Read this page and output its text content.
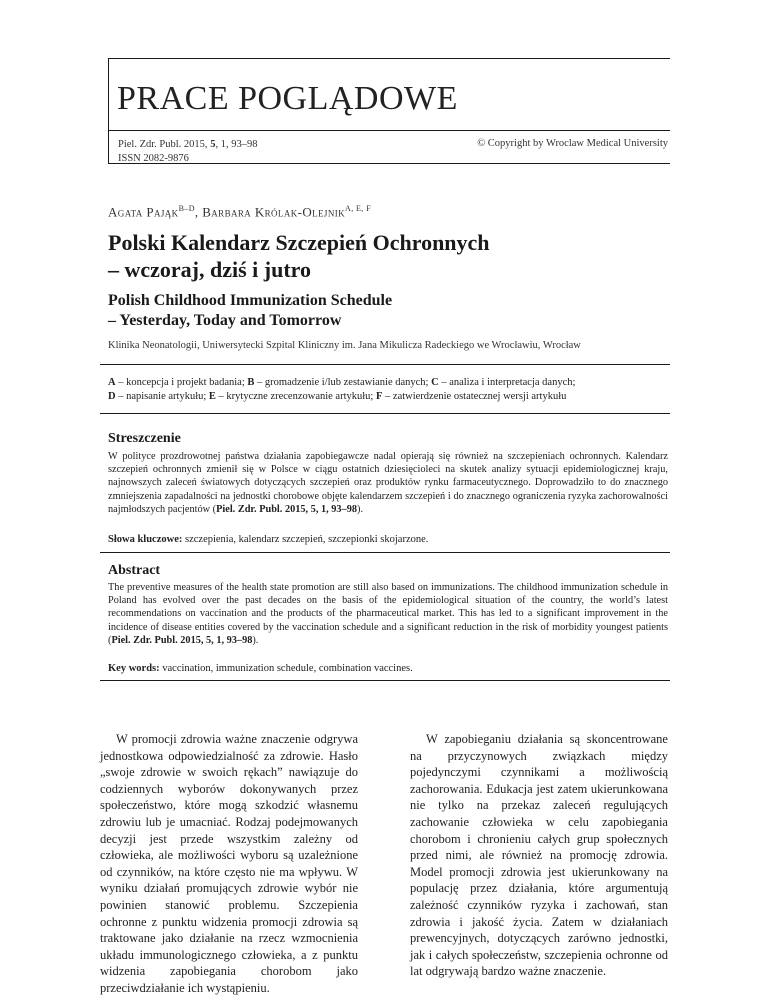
PRACE POGLĄDOWE
Piel. Zdr. Publ. 2015, 5, 1, 93–98
ISSN 2082-9876
© Copyright by Wroclaw Medical University
Agata Pająk$^{B-D}$, Barbara Królak-Olejnik$^{A, E, F}$
Polski Kalendarz Szczepień Ochronnych
– wczoraj, dziś i jutro
Polish Childhood Immunization Schedule
– Yesterday, Today and Tomorrow
Klinika Neonatologii, Uniwersytecki Szpital Kliniczny im. Jana Mikulicza Radeckiego we Wrocławiu, Wrocław
A – koncepcja i projekt badania; B – gromadzenie i/lub zestawianie danych; C – analiza i interpretacja danych;
D – napisanie artykułu; E – krytyczne zrecenzowanie artykułu; F – zatwierdzenie ostatecznej wersji artykułu
Streszczenie
W polityce prozdrowotnej państwa działania zapobiegawcze nadal opierają się również na szczepieniach ochronnych. Kalendarz szczepień ochronnych zmienił się w Polsce w ciągu ostatnich dziesięcioleci na skutek analizy sytuacji epidemiologicznej kraju, najnowszych zaleceń światowych dotyczących szczepień oraz produktów rynku farmaceutycznego. Doprowadziło to do znacznego zmniejszenia zapadalności na jednostki chorobowe objęte kalendarzem szczepień i do znacznego ograniczenia ryzyka zachorowalności najmłodszych pacjentów (Piel. Zdr. Publ. 2015, 5, 1, 93–98).
Słowa kluczowe: szczepienia, kalendarz szczepień, szczepionki skojarzone.
Abstract
The preventive measures of the health state promotion are still also based on immunizations. The childhood immunization schedule in Poland has evolved over the past decades on the basis of the epidemiological situation of the country, the world’s latest recommendations on vaccination and the products of the pharmaceutical market. This has led to a significant improvement in the incidence of disease entities covered by the vaccination schedule and a significant reduction in the risk of morbidity youngest patients (Piel. Zdr. Publ. 2015, 5, 1, 93–98).
Key words: vaccination, immunization schedule, combination vaccines.
W promocji zdrowia ważne znaczenie odgrywa jednostkowa odpowiedzialność za zdrowie. Hasło „swoje zdrowie w swoich rękach” nawiązuje do codziennych wyborów dokonywanych przez społeczeństwo, które mogą szkodzić własnemu zdrowiu lub je umacniać. Rodzaj podejmowanych decyzji jest przede wszystkim zależny od człowieka, ale możliwości wyboru są uzależnione od czynników, na które często nie ma wpływu. W wyniku działań promujących zdrowie wybór nie powinien stanowić problemu. Szczepienia ochronne z punktu widzenia promocji zdrowia są traktowane jako działanie na rzecz wzmocnienia układu immunologicznego człowieka, a z punktu widzenia zapobiegania chorobom jako przeciwdziałanie ich wystąpieniu.
W zapobieganiu działania są skoncentrowane na przyczynowych związkach między pojedynczymi czynnikami a możliwością zachorowania. Edukacja jest zatem ukierunkowana nie tylko na przekaz zaleceń regulujących zachowanie człowieka w celu zapobiegania chorobom i chronieniu całych grup społecznych przed nimi, ale również na promocję zdrowia. Model promocji zdrowia jest ukierunkowany na populację przez działania, które argumentują zależność czynników ryzyka i zachowań, stan zdrowia i jakość życia. Zatem w działaniach prewencyjnych, dotyczących zarówno jednostki, jak i całych społeczeństw, szczepienia ochronne od lat odgrywają bardzo ważne znaczenie.
